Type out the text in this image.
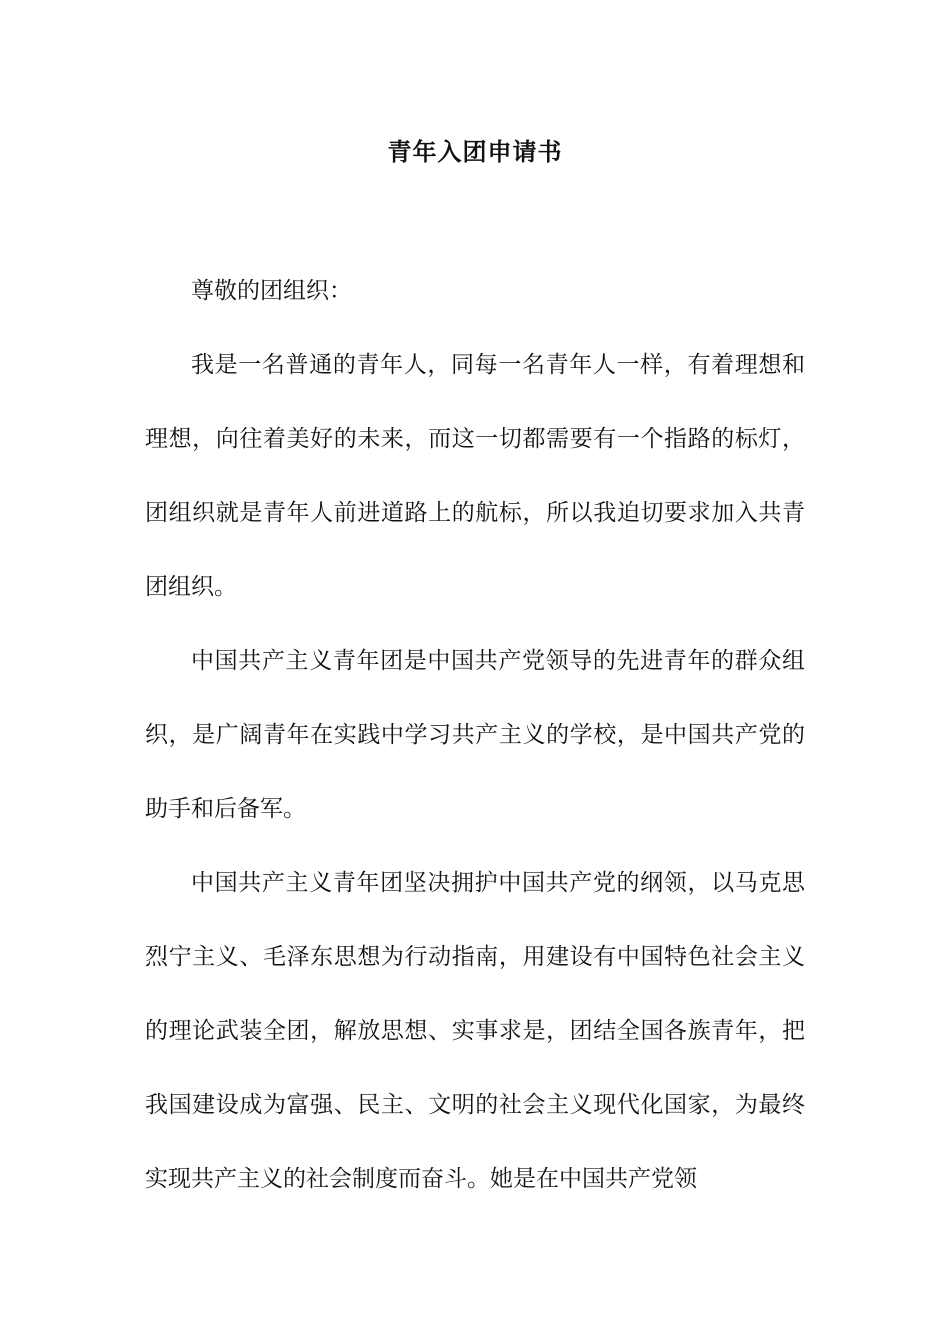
青年入团申请书

尊敬的团组织：

我是一名普通的青年人，同每一名青年人一样，有着理想和理想，向往着美好的未来，而这一切都需要有一个指路的标灯，团组织就是青年人前进道路上的航标，所以我迫切要求加入共青团组织。

中国共产主义青年团是中国共产党领导的先进青年的群众组织，是广阔青年在实践中学习共产主义的学校，是中国共产党的助手和后备军。

中国共产主义青年团坚决拥护中国共产党的纲领，以马克思烈宁主义、毛泽东思想为行动指南，用建设有中国特色社会主义的理论武装全团，解放思想、实事求是，团结全国各族青年，把我国建设成为富强、民主、文明的社会主义现代化国家，为最终实现共产主义的社会制度而奋斗。她是在中国共产党领
